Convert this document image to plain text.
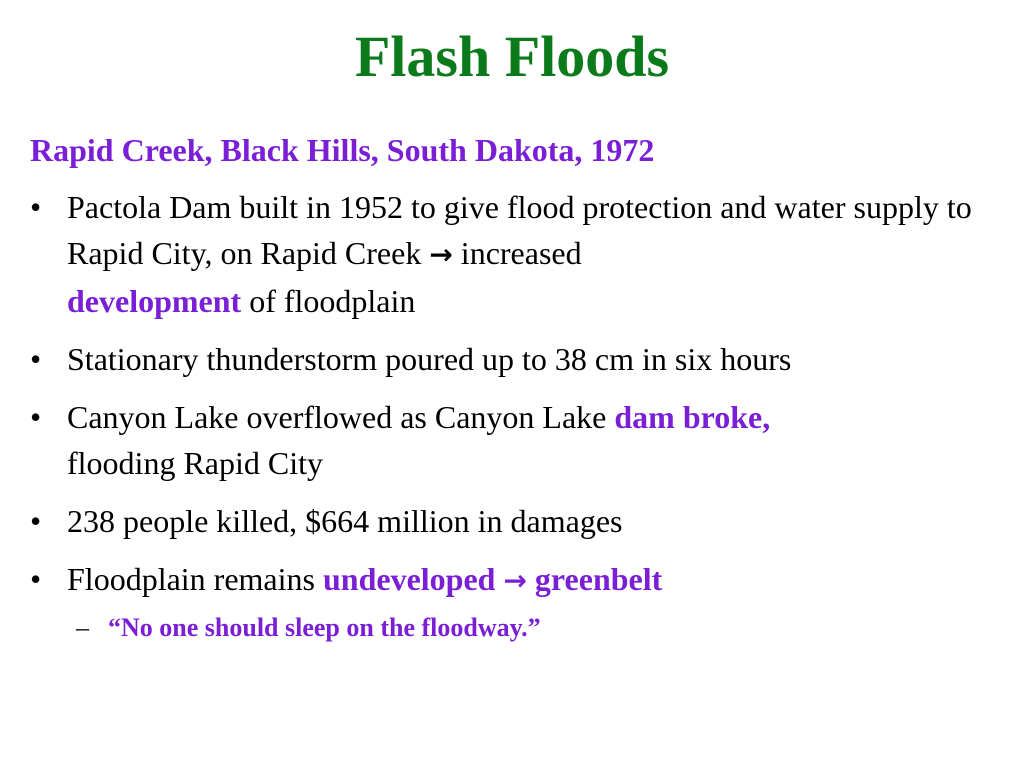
Flash Floods
Rapid Creek, Black Hills, South Dakota, 1972
• Pactola Dam built in 1952 to give flood protection and water supply to Rapid City, on Rapid Creek → increased
development of floodplain
• Stationary thunderstorm poured up to 38 cm in six hours
• Canyon Lake overflowed as Canyon Lake dam broke,
flooding Rapid City
• 238 people killed, $664 million in damages
• Floodplain remains undeveloped → greenbelt
– “No one should sleep on the floodway.”
